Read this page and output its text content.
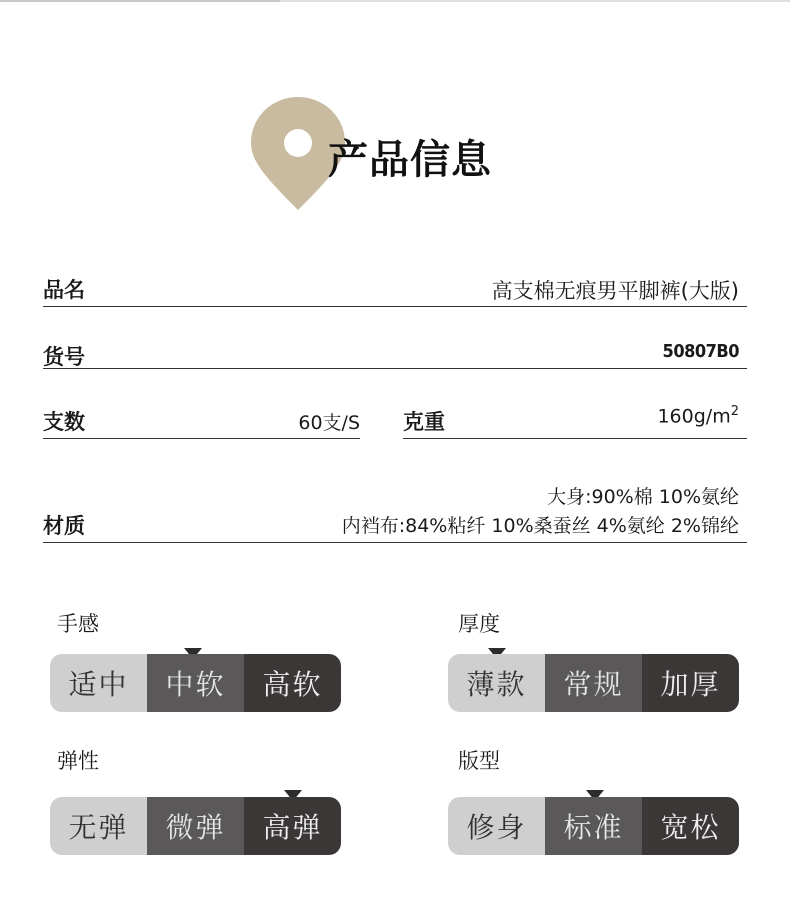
产品信息
品名	高支棉无痕男平脚裤(大版)
货号	50807B0
支数	60支/S 克重	$160g/m^2$
材质
大身:90%棉 10%氨纶
内裆布:84%粘纤 10%桑蚕丝 4%氨纶 2%锦纶
手感
适中	中软	高软
厚度
薄款	常规	加厚
弹性
无弹	微弹	高弹
版型
修身	标准	宽松
